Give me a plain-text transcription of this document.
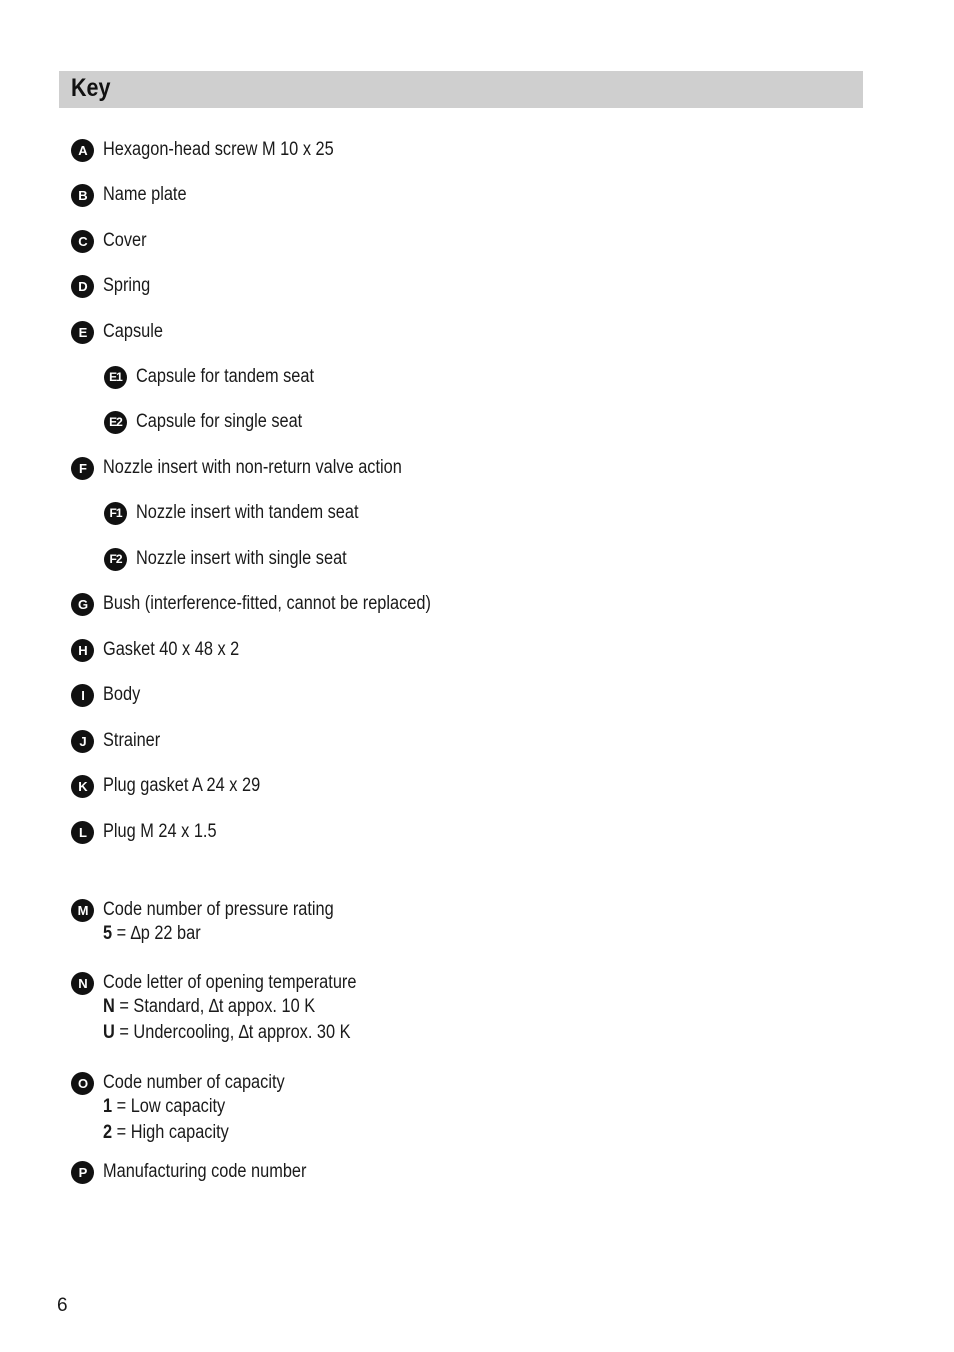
Key
A Hexagon-head screw M 10 x 25
B Name plate
C Cover
D Spring
E Capsule
E1 Capsule for tandem seat
E2 Capsule for single seat
F Nozzle insert with non-return valve action
F1 Nozzle insert with tandem seat
F2 Nozzle insert with single seat
G Bush (interference-fitted, cannot be replaced)
H Gasket 40 x 48 x 2
I	Body
J Strainer
K Plug gasket A 24 x 29
L Plug M 24 x 1.5
M Code number of pressure rating
5 = ∆p 22 bar
N Code letter of opening temperature
N = Standard, ∆t appox. 10 K
U = Undercooling, ∆t approx. 30 K
O Code number of capacity
1 = Low capacity
2 = High capacity
P Manufacturing code number
6
